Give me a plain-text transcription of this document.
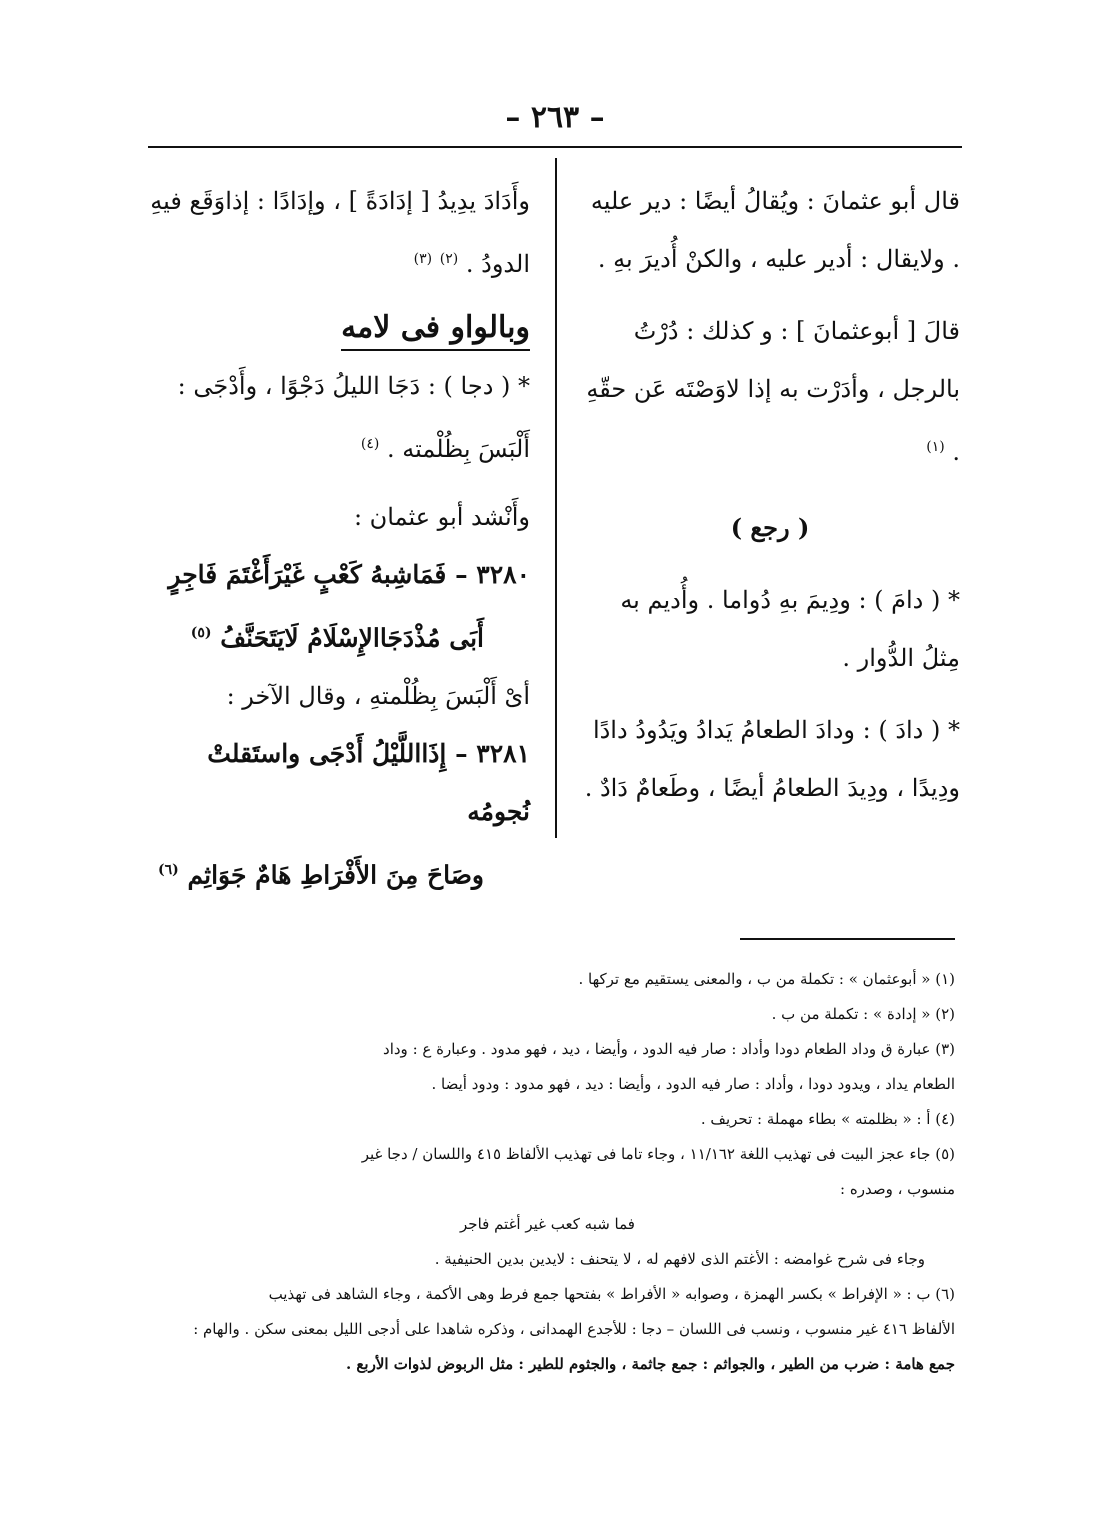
– ٢٦٣ –

قال أبو عثمانَ : ويُقالُ أيضًا : دير عليه . ولايقال : أدير عليه ، والكنْ أُديرَ بهِ .

قالَ [ أبوعثمانَ ] : و كذلك : دُرْتُ بالرجل ، وأدَرْت به إذا لاوَصْتَه عَن حقّهِ . $^{(١)}$

( رجع )

* ( دامَ ) : ودِيمَ بهِ دُواما . وأُديم به مِثلُ الدُّوار .

* ( دادَ ) : ودادَ الطعامُ يَدادُ ويَدُودُ دادًا ودِيدًا ، ودِيدَ الطعامُ أيضًا ، وطَعامٌ دَادٌ .

وأَدَادَ يدِيدُ [ إدَادَةً ] ، وإدَادًا : إذاوَقَع فيهِ الدودُ . $^{(٢)}$ $^{(٣)}$

وبالواو فى لامه

* ( دجا ) : دَجَا الليلُ دَجْوًا ، وأَدْجَى : أَلْبَسَ بِظُلْمته . $^{(٤)}$

وأَنْشد أبو عثمان :

٣٢٨٠ – فَمَاشِبهُ كَعْبٍ غَيْرَأَغْتَمَ فَاجِرٍ

أَبَى مُذْدَجَاالإِسْلَامُ لَايَتَحَنَّفُ $^{(٥)}$

أىْ أَلْبَسَ بِظُلْمتهِ ، وقال الآخر :

٣٢٨١ – إِذَااللَّيْلُ أَدْجَى واستَقلتْ نُجومُه

وصَاحَ مِنَ الأَفْرَاطِ هَامٌ جَوَاثِم $^{(٦)}$

(١) « أبوعثمان » : تكملة من ب ، والمعنى يستقيم مع تركها .

(٢) « إدادة » : تكملة من ب .

(٣) عبارة ق وداد الطعام دودا وأداد : صار فيه الدود ، وأيضا ، ديد ، فهو مدود . وعبارة ع : وداد

الطعام يداد ، ويدود دودا ، وأداد : صار فيه الدود ، وأيضا : ديد ، فهو مدود : ودود أيضا .

(٤) أ : « بظلمته » بطاء مهملة : تحريف .

(٥) جاء عجز البيت فى تهذيب اللغة ١١/١٦٢ ، وجاء تاما فى تهذيب الألفاظ ٤١٥ واللسان / دجا غير

منسوب ، وصدره :

فما شبه كعب غير أغتم فاجر

وجاء فى شرح غوامضه : الأغتم الذى لافهم له ، لا يتحنف : لايدين بدين الحنيفية .

(٦) ب : « الإفراط » بكسر الهمزة ، وصوابه « الأفراط » بفتحها جمع فرط وهى الأكمة ، وجاء الشاهد فى تهذيب

الألفاظ ٤١٦ غير منسوب ، ونسب فى اللسان – دجا : للأجدع الهمدانى ، وذكره شاهدا على أدجى الليل بمعنى سكن . والهام :

جمع هامة : ضرب من الطير ، والجواثم : جمع جاثمة ، والجثوم للطير : مثل الربوض لذوات الأربع .
